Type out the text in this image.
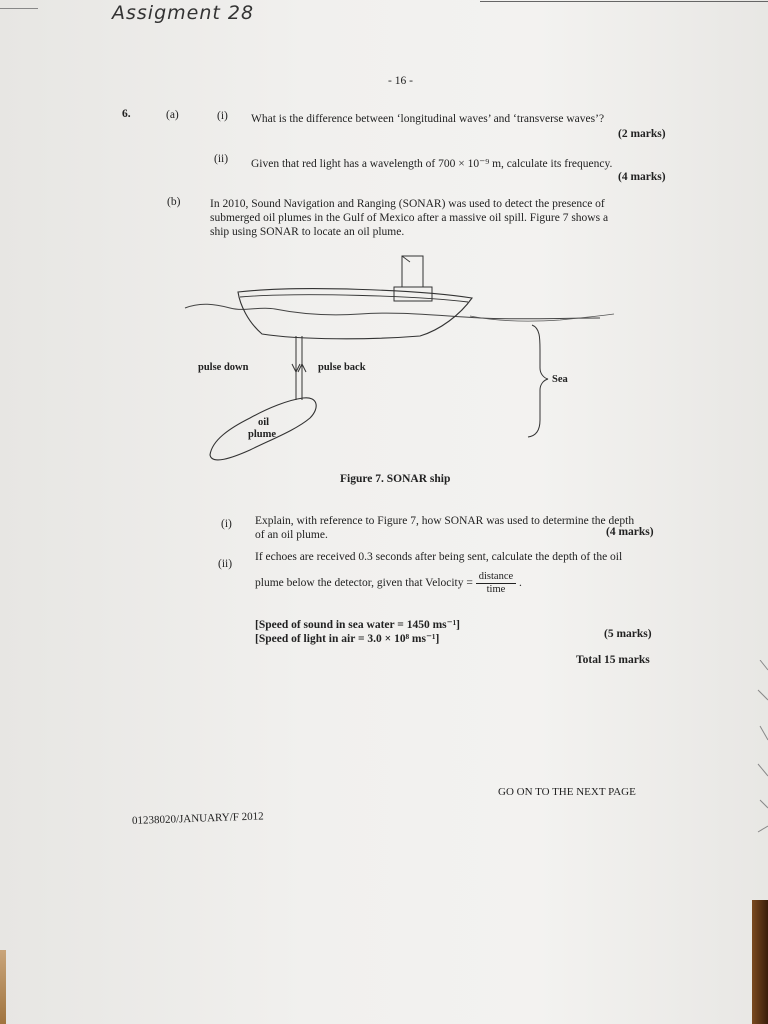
Assigment 28
- 16 -
6.	(a)	(i) What is the difference between ‘longitudinal waves’ and ‘transverse waves’?
(2 marks)
(ii) Given that red light has a wavelength of 700 × 10⁻⁹ m, calculate its frequency.
(4 marks)
(b)	In 2010, Sound Navigation and Ranging (SONAR) was used to detect the presence of
submerged oil plumes in the Gulf of Mexico after a massive oil spill. Figure 7 shows a
ship using SONAR to locate an oil plume.
pulse down	pulse back
Sea
oil
plume
Figure 7. SONAR ship
(i) Explain, with reference to Figure 7, how SONAR was used to determine the depth
of an oil plume.	(4 marks)
(ii)
If echoes are received 0.3 seconds after being sent, calculate the depth of the oil
plume below the detector, given that Velocity = $\frac{\text{distance}}{\text{time}}$ .
[Speed of sound in sea water = 1450 ms⁻¹]
[Speed of light in air = 3.0 × 10⁸ ms⁻¹]	(5 marks)
Total 15 marks
GO ON TO THE NEXT PAGE
01238020/JANUARY/F 2012
